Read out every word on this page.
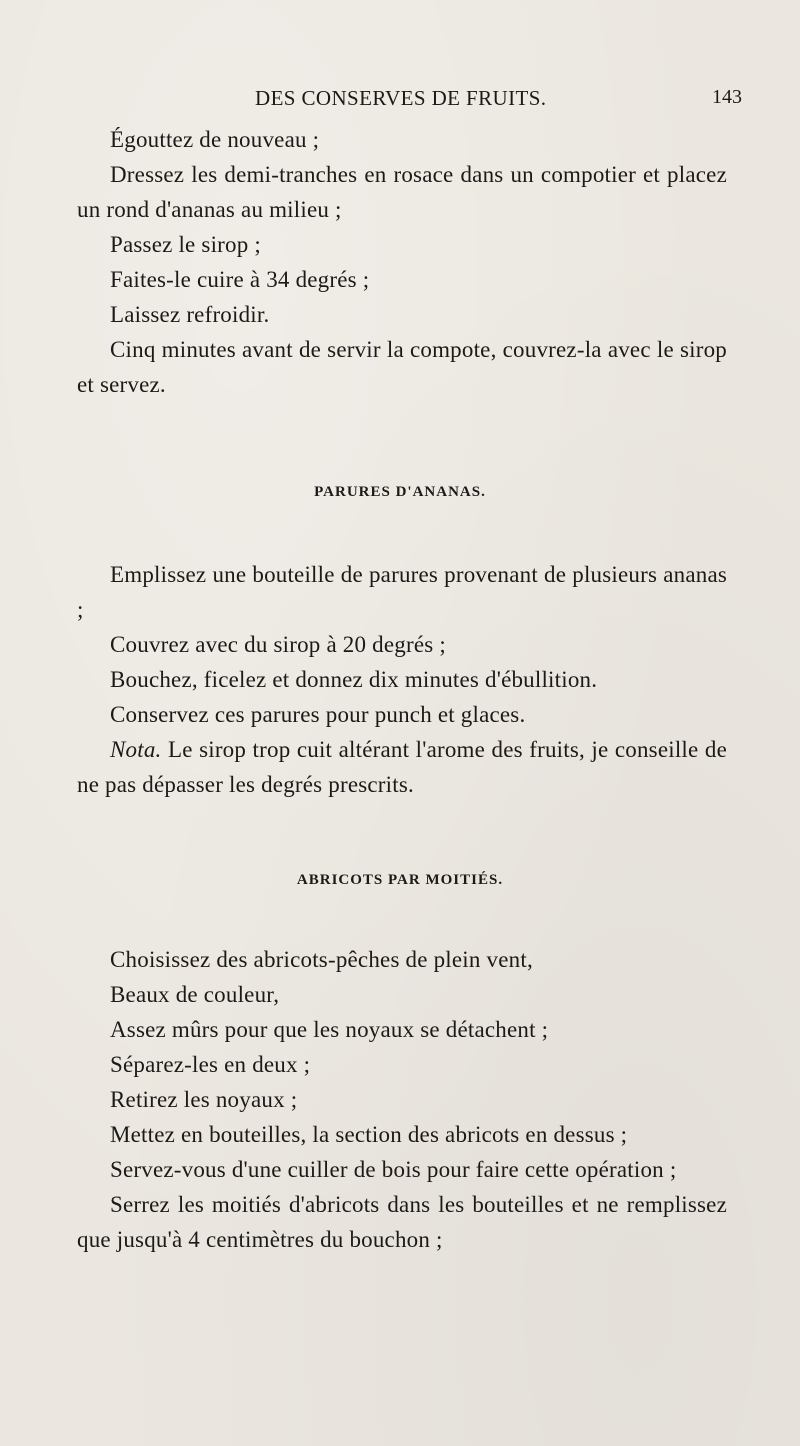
DES CONSERVES DE FRUITS.	143

Égouttez de nouveau ;

Dressez les demi-tranches en rosace dans un compotier et placez un rond d'ananas au milieu ;

Passez le sirop ;

Faites-le cuire à 34 degrés ;

Laissez refroidir.

Cinq minutes avant de servir la compote, couvrez-la avec le sirop et servez.

PARURES D'ANANAS.

Emplissez une bouteille de parures provenant de plusieurs ananas ;

Couvrez avec du sirop à 20 degrés ;

Bouchez, ficelez et donnez dix minutes d'ébullition.

Conservez ces parures pour punch et glaces.

Nota. Le sirop trop cuit altérant l'arome des fruits, je conseille de ne pas dépasser les degrés prescrits.

ABRICOTS PAR MOITIÉS.

Choisissez des abricots-pêches de plein vent,

Beaux de couleur,

Assez mûrs pour que les noyaux se détachent ;

Séparez-les en deux ;

Retirez les noyaux ;

Mettez en bouteilles, la section des abricots en dessus ;

Servez-vous d'une cuiller de bois pour faire cette opération ;

Serrez les moitiés d'abricots dans les bouteilles et ne remplissez que jusqu'à 4 centimètres du bouchon ;
